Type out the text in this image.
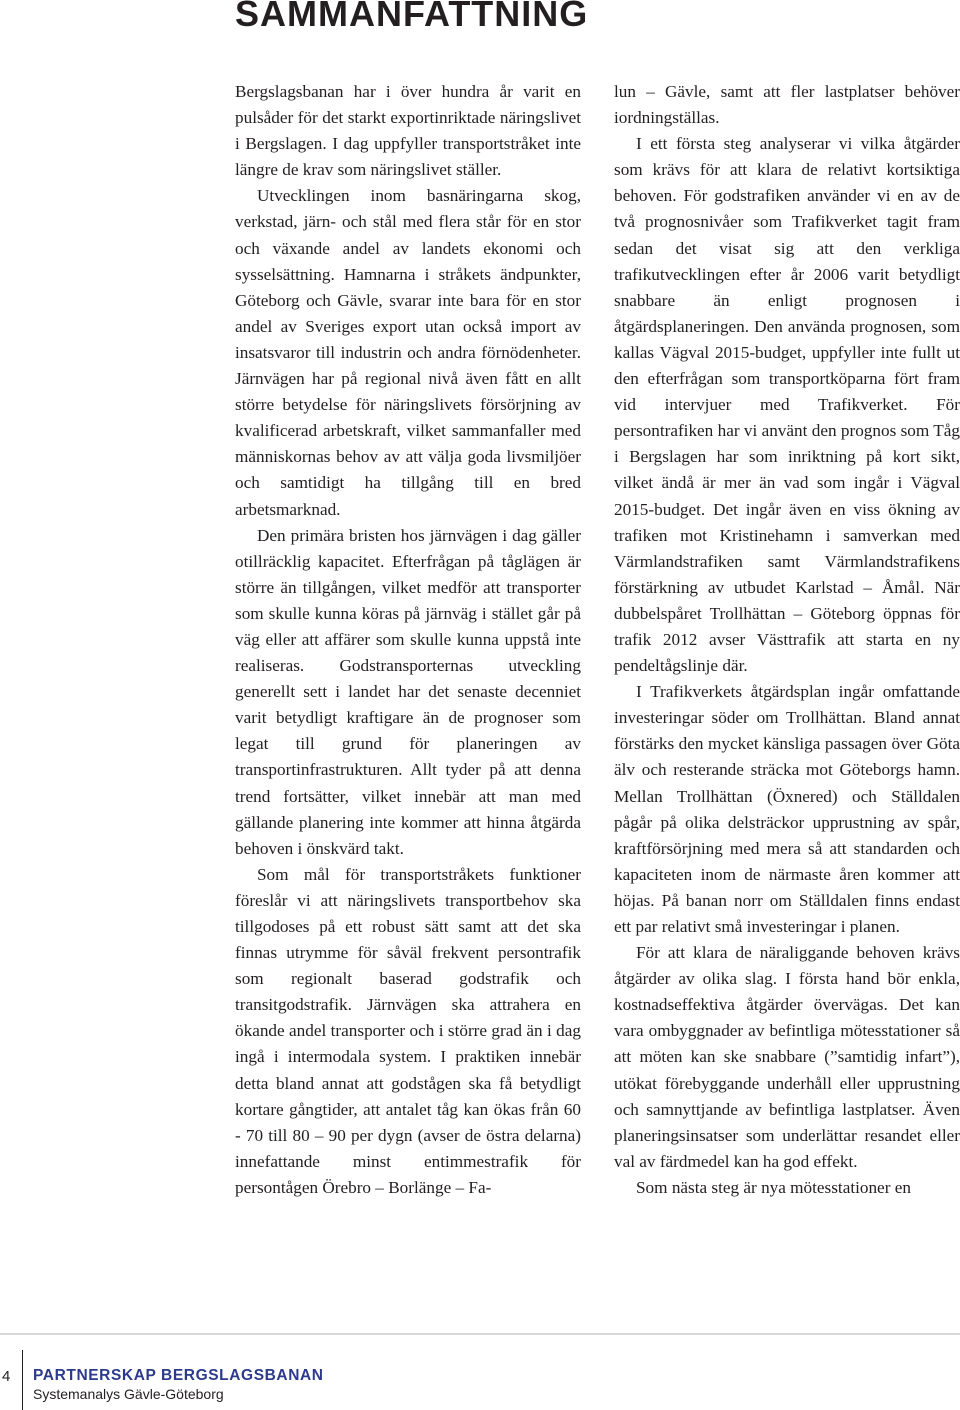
SAMMANFATTNING

Bergslagsbanan har i över hundra år varit en pulsåder för det starkt exportinriktade näringslivet i Bergslagen. I dag uppfyller transportstråket inte längre de krav som näringslivet ställer.

Utvecklingen inom basnäringarna skog, verkstad, järn- och stål med flera står för en stor och växande andel av landets ekonomi och sysselsättning. Hamnarna i stråkets ändpunkter, Göteborg och Gävle, svarar inte bara för en stor andel av Sveriges export utan också import av insatsvaror till industrin och andra förnödenheter. Järnvägen har på regional nivå även fått en allt större betydelse för näringslivets försörjning av kvalificerad arbetskraft, vilket sammanfaller med människornas behov av att välja goda livsmiljöer och samtidigt ha tillgång till en bred arbetsmarknad.

Den primära bristen hos järnvägen i dag gäller otillräcklig kapacitet. Efterfrågan på tåglägen är större än tillgången, vilket medför att transporter som skulle kunna köras på järnväg i stället går på väg eller att affärer som skulle kunna uppstå inte realiseras. Godstransporternas utveckling generellt sett i landet har det senaste decenniet varit betydligt kraftigare än de prognoser som legat till grund för planeringen av transportinfrastrukturen. Allt tyder på att denna trend fortsätter, vilket innebär att man med gällande planering inte kommer att hinna åtgärda behoven i önskvärd takt.

Som mål för transportstråkets funktioner föreslår vi att näringslivets transportbehov ska tillgodoses på ett robust sätt samt att det ska finnas utrymme för såväl frekvent persontrafik som regionalt baserad godstrafik och transitgodstrafik. Järnvägen ska attrahera en ökande andel transporter och i större grad än i dag ingå i intermodala system. I praktiken innebär detta bland annat att godstågen ska få betydligt kortare gångtider, att antalet tåg kan ökas från 60 - 70 till 80 – 90 per dygn (avser de östra delarna) innefattande minst entimmestrafik för persontågen Örebro – Borlänge – Fa-

lun – Gävle, samt att fler lastplatser behöver iordningställas.

I ett första steg analyserar vi vilka åtgärder som krävs för att klara de relativt kortsiktiga behoven. För godstrafiken använder vi en av de två prognosnivåer som Trafikverket tagit fram sedan det visat sig att den verkliga trafikutvecklingen efter år 2006 varit betydligt snabbare än enligt prognosen i åtgärdsplaneringen. Den använda prognosen, som kallas Vägval 2015-budget, uppfyller inte fullt ut den efterfrågan som transportköparna fört fram vid intervjuer med Trafikverket. För persontrafiken har vi använt den prognos som Tåg i Bergslagen har som inriktning på kort sikt, vilket ändå är mer än vad som ingår i Vägval 2015-budget. Det ingår även en viss ökning av trafiken mot Kristinehamn i samverkan med Värmlandstrafiken samt Värmlandstrafikens förstärkning av utbudet Karlstad – Åmål. När dubbelspåret Trollhättan – Göteborg öppnas för trafik 2012 avser Västtrafik att starta en ny pendeltågslinje där.

I Trafikverkets åtgärdsplan ingår omfattande investeringar söder om Trollhättan. Bland annat förstärks den mycket känsliga passagen över Göta älv och resterande sträcka mot Göteborgs hamn. Mellan Trollhättan (Öxnered) och Ställdalen pågår på olika delsträckor upprustning av spår, kraftförsörjning med mera så att standarden och kapaciteten inom de närmaste åren kommer att höjas. På banan norr om Ställdalen finns endast ett par relativt små investeringar i planen.

För att klara de näraliggande behoven krävs åtgärder av olika slag. I första hand bör enkla, kostnadseffektiva åtgärder övervägas. Det kan vara ombyggnader av befintliga mötesstationer så att möten kan ske snabbare (”samtidig infart”), utökat förebyggande underhåll eller upprustning och samnyttjande av befintliga lastplatser. Även planeringsinsatser som underlättar resandet eller val av färdmedel kan ha god effekt.

Som nästa steg är nya mötesstationer en

4 PARTNERSKAP BERGSLAGSBANAN
Systemanalys Gävle-Göteborg
